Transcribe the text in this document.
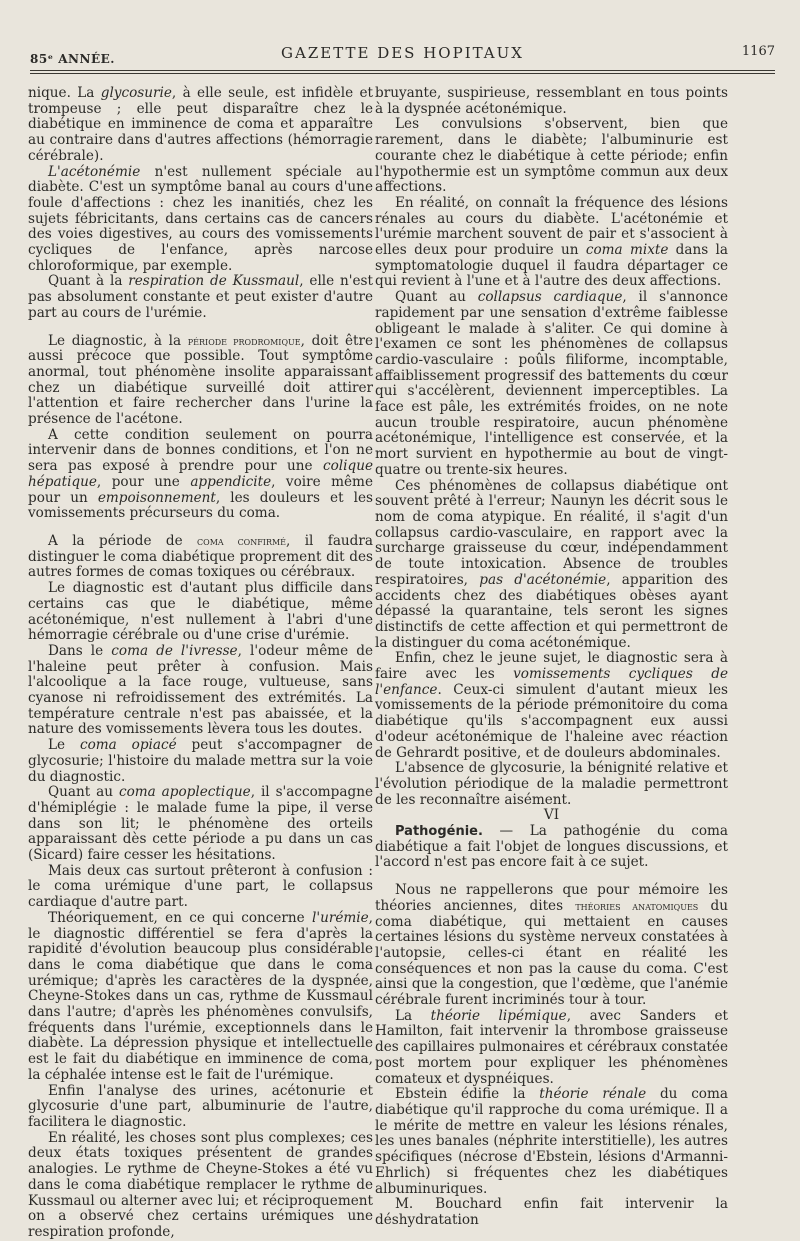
85ᵉ ANNÉE.	GAZETTE DES HOPITAUX	1167

nique. La glycosurie, à elle seule, est infidèle et trompeuse ; elle peut disparaître chez le diabétique en imminence de coma et apparaître au contraire dans d'autres affections (hémorragie cérébrale).

L'acétonémie n'est nullement spéciale au diabète. C'est un symptôme banal au cours d'une foule d'affections : chez les inanitiés, chez les sujets fébricitants, dans certains cas de cancers des voies digestives, au cours des vomissements cycliques de l'enfance, après narcose chloroformique, par exemple.

Quant à la respiration de Kussmaul, elle n'est pas absolument constante et peut exister d'autre part au cours de l'urémie.

Le diagnostic, à la période prodromique, doit être aussi précoce que possible. Tout symptôme anormal, tout phénomène insolite apparaissant chez un diabétique surveillé doit attirer l'attention et faire rechercher dans l'urine la présence de l'acétone.

A cette condition seulement on pourra intervenir dans de bonnes conditions, et l'on ne sera pas exposé à prendre pour une colique hépatique, pour une appendicite, voire même pour un empoisonnement, les douleurs et les vomissements précurseurs du coma.

A la période de coma confirmé, il faudra distinguer le coma diabétique proprement dit des autres formes de comas toxiques ou cérébraux.

Le diagnostic est d'autant plus difficile dans certains cas que le diabétique, même acétonémique, n'est nullement à l'abri d'une hémorragie cérébrale ou d'une crise d'urémie.

Dans le coma de l'ivresse, l'odeur même de l'haleine peut prêter à confusion. Mais l'alcoolique a la face rouge, vultueuse, sans cyanose ni refroidissement des extrémités. La température centrale n'est pas abaissée, et la nature des vomissements lèvera tous les doutes.

Le coma opiacé peut s'accompagner de glycosurie; l'histoire du malade mettra sur la voie du diagnostic.

Quant au coma apoplectique, il s'accompagne d'hémiplégie : le malade fume la pipe, il verse dans son lit; le phénomène des orteils apparaissant dès cette période a pu dans un cas (Sicard) faire cesser les hésitations.

Mais deux cas surtout prêteront à confusion : le coma urémique d'une part, le collapsus cardiaque d'autre part.

Théoriquement, en ce qui concerne l'urémie, le diagnostic différentiel se fera d'après la rapidité d'évolution beaucoup plus considérable dans le coma diabétique que dans le coma urémique; d'après les caractères de la dyspnée, Cheyne-Stokes dans un cas, rythme de Kussmaul dans l'autre; d'après les phénomènes convulsifs, fréquents dans l'urémie, exceptionnels dans le diabète. La dépression physique et intellectuelle est le fait du diabétique en imminence de coma, la céphalée intense est le fait de l'urémique.

Enfin l'analyse des urines, acétonurie et glycosurie d'une part, albuminurie de l'autre, facilitera le diagnostic.

En réalité, les choses sont plus complexes; ces deux états toxiques présentent de grandes analogies. Le rythme de Cheyne-Stokes a été vu dans le coma diabétique remplacer le rythme de Kussmaul ou alterner avec lui; et réciproquement on a observé chez certains urémiques une respiration profonde,

bruyante, suspirieuse, ressemblant en tous points à la dyspnée acétonémique.

Les convulsions s'observent, bien que rarement, dans le diabète; l'albuminurie est courante chez le diabétique à cette période; enfin l'hypothermie est un symptôme commun aux deux affections.

En réalité, on connaît la fréquence des lésions rénales au cours du diabète. L'acétonémie et l'urémie marchent souvent de pair et s'associent à elles deux pour produire un coma mixte dans la symptomatologie duquel il faudra départager ce qui revient à l'une et à l'autre des deux affections.

Quant au collapsus cardiaque, il s'annonce rapidement par une sensation d'extrême faiblesse obligeant le malade à s'aliter. Ce qui domine à l'examen ce sont les phénomènes de collapsus cardio-vasculaire : poûls filiforme, incomptable, affaiblissement progressif des battements du cœur qui s'accélèrent, deviennent imperceptibles. La face est pâle, les extrémités froides, on ne note aucun trouble respiratoire, aucun phénomène acétonémique, l'intelligence est conservée, et la mort survient en hypothermie au bout de vingt-quatre ou trente-six heures.

Ces phénomènes de collapsus diabétique ont souvent prêté à l'erreur; Naunyn les décrit sous le nom de coma atypique. En réalité, il s'agit d'un collapsus cardio-vasculaire, en rapport avec la surcharge graisseuse du cœur, indépendamment de toute intoxication. Absence de troubles respiratoires, pas d'acétonémie, apparition des accidents chez des diabétiques obèses ayant dépassé la quarantaine, tels seront les signes distinctifs de cette affection et qui permettront de la distinguer du coma acétonémique.

Enfin, chez le jeune sujet, le diagnostic sera à faire avec les vomissements cycliques de l'enfance. Ceux-ci simulent d'autant mieux les vomissements de la période prémonitoire du coma diabétique qu'ils s'accompagnent eux aussi d'odeur acétonémique de l'haleine avec réaction de Gehrardt positive, et de douleurs abdominales.

L'absence de glycosurie, la bénignité relative et l'évolution périodique de la maladie permettront de les reconnaître aisément.

VI

Pathogénie. — La pathogénie du coma diabétique a fait l'objet de longues discussions, et l'accord n'est pas encore fait à ce sujet.

Nous ne rappellerons que pour mémoire les théories anciennes, dites théories anatomiques du coma diabétique, qui mettaient en causes certaines lésions du système nerveux constatées à l'autopsie, celles-ci étant en réalité les conséquences et non pas la cause du coma. C'est ainsi que la congestion, que l'œdème, que l'anémie cérébrale furent incriminés tour à tour.

La théorie lipémique, avec Sanders et Hamilton, fait intervenir la thrombose graisseuse des capillaires pulmonaires et cérébraux constatée post mortem pour expliquer les phénomènes comateux et dyspnéiques.

Ebstein édifie la théorie rénale du coma diabétique qu'il rapproche du coma urémique. Il a le mérite de mettre en valeur les lésions rénales, les unes banales (néphrite interstitielle), les autres spécifiques (nécrose d'Ebstein, lésions d'Armanni-Ehrlich) si fréquentes chez les diabétiques albuminuriques.

M. Bouchard enfin fait intervenir la déshydratation
